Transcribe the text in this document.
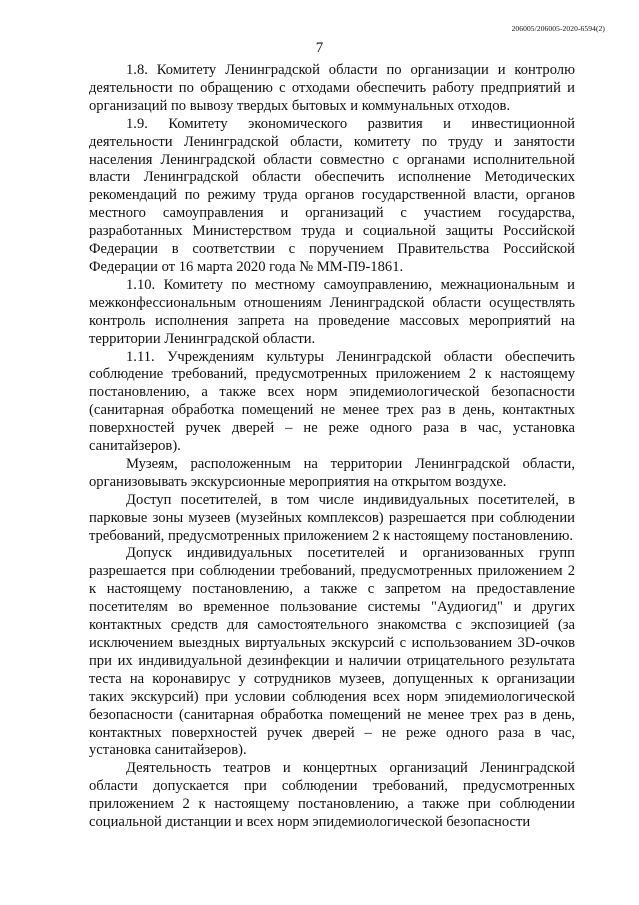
206005/206005-2020-6594(2)
7

1.8. Комитету Ленинградской области по организации и контролю деятельности по обращению с отходами обеспечить работу предприятий и организаций по вывозу твердых бытовых и коммунальных отходов.

1.9. Комитету экономического развития и инвестиционной деятельности Ленинградской области, комитету по труду и занятости населения Ленинградской области совместно с органами исполнительной власти Ленинградской области обеспечить исполнение Методических рекомендаций по режиму труда органов государственной власти, органов местного самоуправления и организаций с участием государства, разработанных Министерством труда и социальной защиты Российской Федерации в соответствии с поручением Правительства Российской Федерации от 16 марта 2020 года № ММ-П9-1861.

1.10. Комитету по местному самоуправлению, межнациональным и межконфессиональным отношениям Ленинградской области осуществлять контроль исполнения запрета на проведение массовых мероприятий на территории Ленинградской области.

1.11. Учреждениям культуры Ленинградской области обеспечить соблюдение требований, предусмотренных приложением 2 к настоящему постановлению, а также всех норм эпидемиологической безопасности (санитарная обработка помещений не менее трех раз в день, контактных поверхностей ручек дверей – не реже одного раза в час, установка санитайзеров).

Музеям, расположенным на территории Ленинградской области, организовывать экскурсионные мероприятия на открытом воздухе.

Доступ посетителей, в том числе индивидуальных посетителей, в парковые зоны музеев (музейных комплексов) разрешается при соблюдении требований, предусмотренных приложением 2 к настоящему постановлению.

Допуск индивидуальных посетителей и организованных групп разрешается при соблюдении требований, предусмотренных приложением 2 к настоящему постановлению, а также с запретом на предоставление посетителям во временное пользование системы "Аудиогид" и других контактных средств для самостоятельного знакомства с экспозицией (за исключением выездных виртуальных экскурсий с использованием 3D-очков при их индивидуальной дезинфекции и наличии отрицательного результата теста на коронавирус у сотрудников музеев, допущенных к организации таких экскурсий) при условии соблюдения всех норм эпидемиологической безопасности (санитарная обработка помещений не менее трех раз в день, контактных поверхностей ручек дверей – не реже одного раза в час, установка санитайзеров).

Деятельность театров и концертных организаций Ленинградской области допускается при соблюдении требований, предусмотренных приложением 2 к настоящему постановлению, а также при соблюдении социальной дистанции и всех норм эпидемиологической безопасности
